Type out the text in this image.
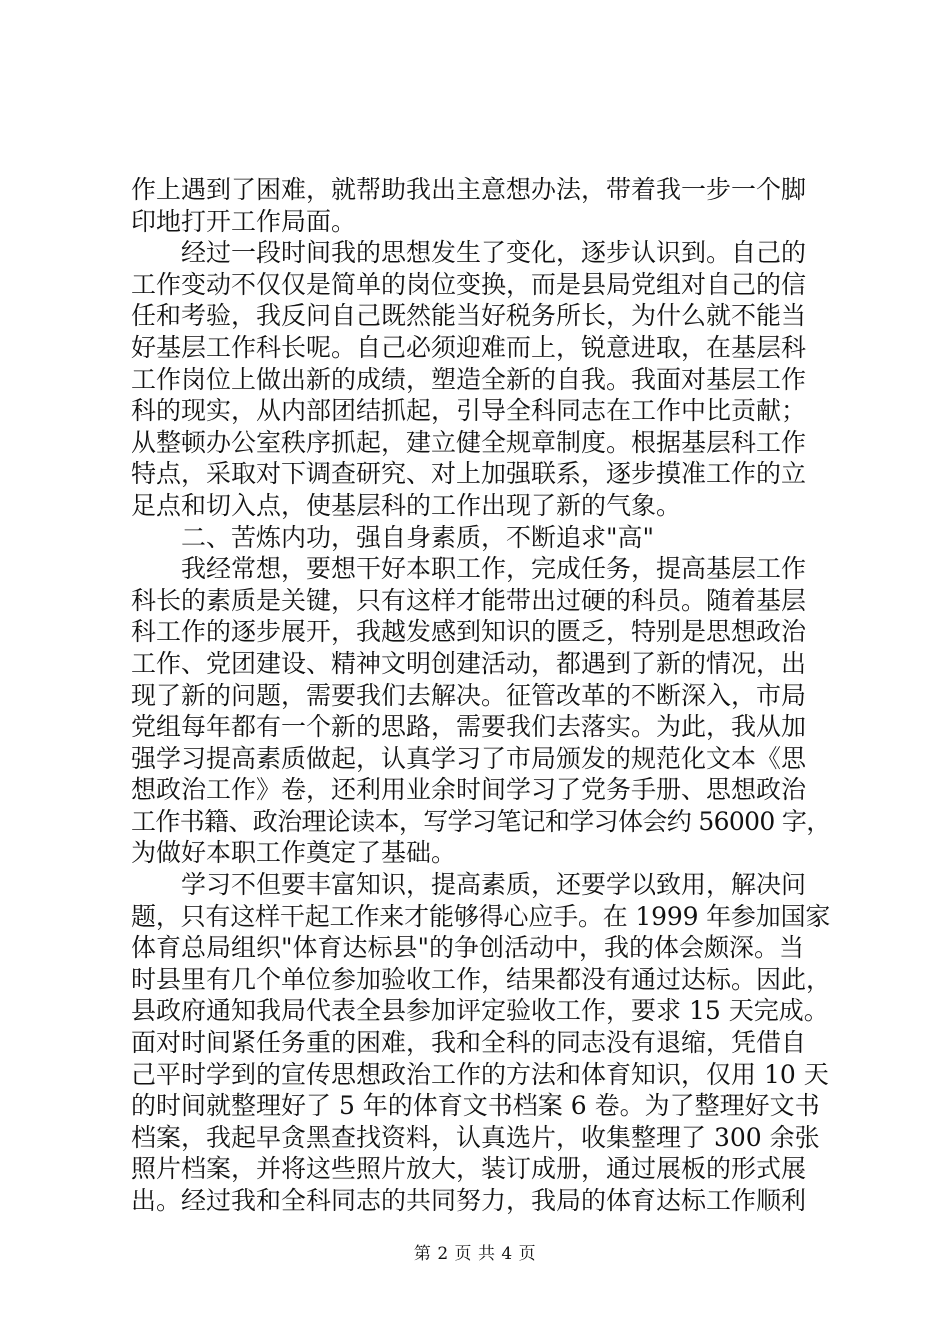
作上遇到了困难，就帮助我出主意想办法，带着我一步一个脚
印地打开工作局面。
经过一段时间我的思想发生了变化，逐步认识到。自己的
工作变动不仅仅是简单的岗位变换，而是县局党组对自己的信
任和考验，我反问自己既然能当好税务所长，为什么就不能当
好基层工作科长呢。自己必须迎难而上，锐意进取，在基层科
工作岗位上做出新的成绩，塑造全新的自我。我面对基层工作
科的现实，从内部团结抓起，引导全科同志在工作中比贡献；
从整顿办公室秩序抓起，建立健全规章制度。根据基层科工作
特点，采取对下调查研究、对上加强联系，逐步摸准工作的立
足点和切入点，使基层科的工作出现了新的气象。
二、苦炼内功，强自身素质，不断追求"高"
我经常想，要想干好本职工作，完成任务，提高基层工作
科长的素质是关键，只有这样才能带出过硬的科员。随着基层
科工作的逐步展开，我越发感到知识的匮乏，特别是思想政治
工作、党团建设、精神文明创建活动，都遇到了新的情况，出
现了新的问题，需要我们去解决。征管改革的不断深入，市局
党组每年都有一个新的思路，需要我们去落实。为此，我从加
强学习提高素质做起，认真学习了市局颁发的规范化文本《思
想政治工作》卷，还利用业余时间学习了党务手册、思想政治
工作书籍、政治理论读本，写学习笔记和学习体会约 56000 字，
为做好本职工作奠定了基础。
学习不但要丰富知识，提高素质，还要学以致用，解决问
题，只有这样干起工作来才能够得心应手。在 1999 年参加国家
体育总局组织"体育达标县"的争创活动中，我的体会颇深。当
时县里有几个单位参加验收工作，结果都没有通过达标。因此，
县政府通知我局代表全县参加评定验收工作，要求 15 天完成。
面对时间紧任务重的困难，我和全科的同志没有退缩，凭借自
己平时学到的宣传思想政治工作的方法和体育知识，仅用 10 天
的时间就整理好了 5 年的体育文书档案 6 卷。为了整理好文书
档案，我起早贪黑查找资料，认真选片，收集整理了 300 余张
照片档案，并将这些照片放大，装订成册，通过展板的形式展
出。经过我和全科同志的共同努力，我局的体育达标工作顺利
第 2 页 共 4 页
